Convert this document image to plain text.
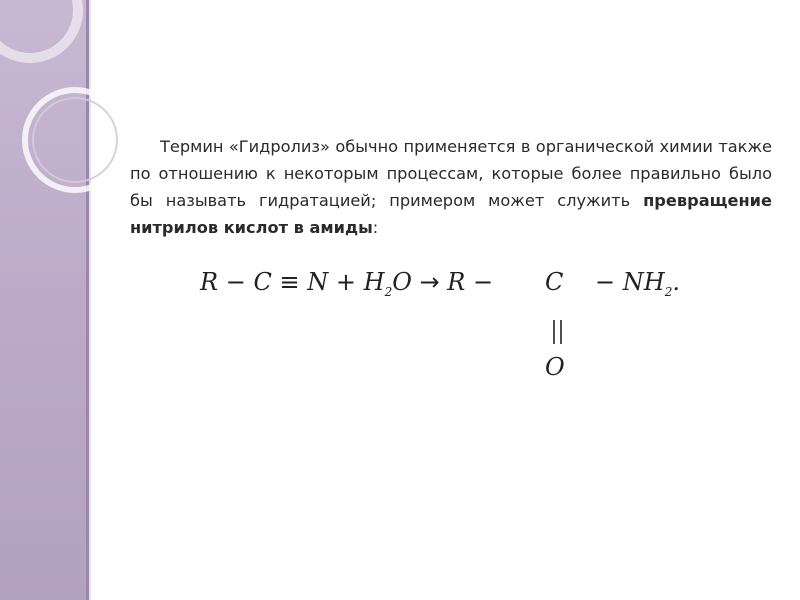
Термин «Гидролиз» обычно применяется в органической химии также по отношению к некоторым процессам, которые более правильно было бы называть гидратацией; примером может служить превращение нитрилов кислот в амиды:

$R - C \equiv N + H_2O \to R - C - NH_2$.
O
